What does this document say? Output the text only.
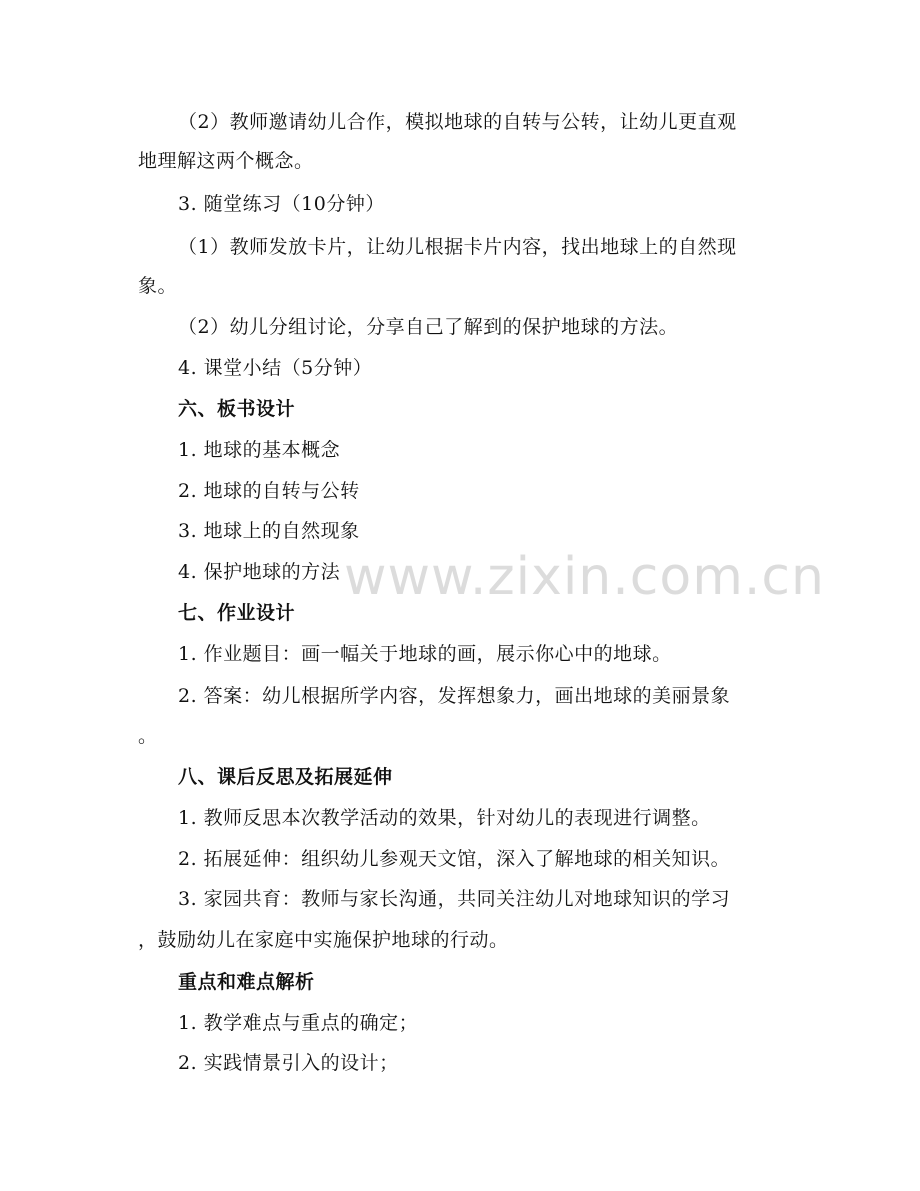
（2）教师邀请幼儿合作，模拟地球的自转与公转，让幼儿更直观
地理解这两个概念。
3. 随堂练习（10分钟）
（1）教师发放卡片，让幼儿根据卡片内容，找出地球上的自然现
象。
（2）幼儿分组讨论，分享自己了解到的保护地球的方法。
4. 课堂小结（5分钟）
六、板书设计
1. 地球的基本概念
2. 地球的自转与公转
3. 地球上的自然现象
4. 保护地球的方法
七、作业设计
1. 作业题目：画一幅关于地球的画，展示你心中的地球。
2. 答案：幼儿根据所学内容，发挥想象力，画出地球的美丽景象
。
八、课后反思及拓展延伸
1. 教师反思本次教学活动的效果，针对幼儿的表现进行调整。
2. 拓展延伸：组织幼儿参观天文馆，深入了解地球的相关知识。
3. 家园共育：教师与家长沟通，共同关注幼儿对地球知识的学习
，鼓励幼儿在家庭中实施保护地球的行动。
重点和难点解析
1. 教学难点与重点的确定；
2. 实践情景引入的设计；
www.zixin.com.cn
